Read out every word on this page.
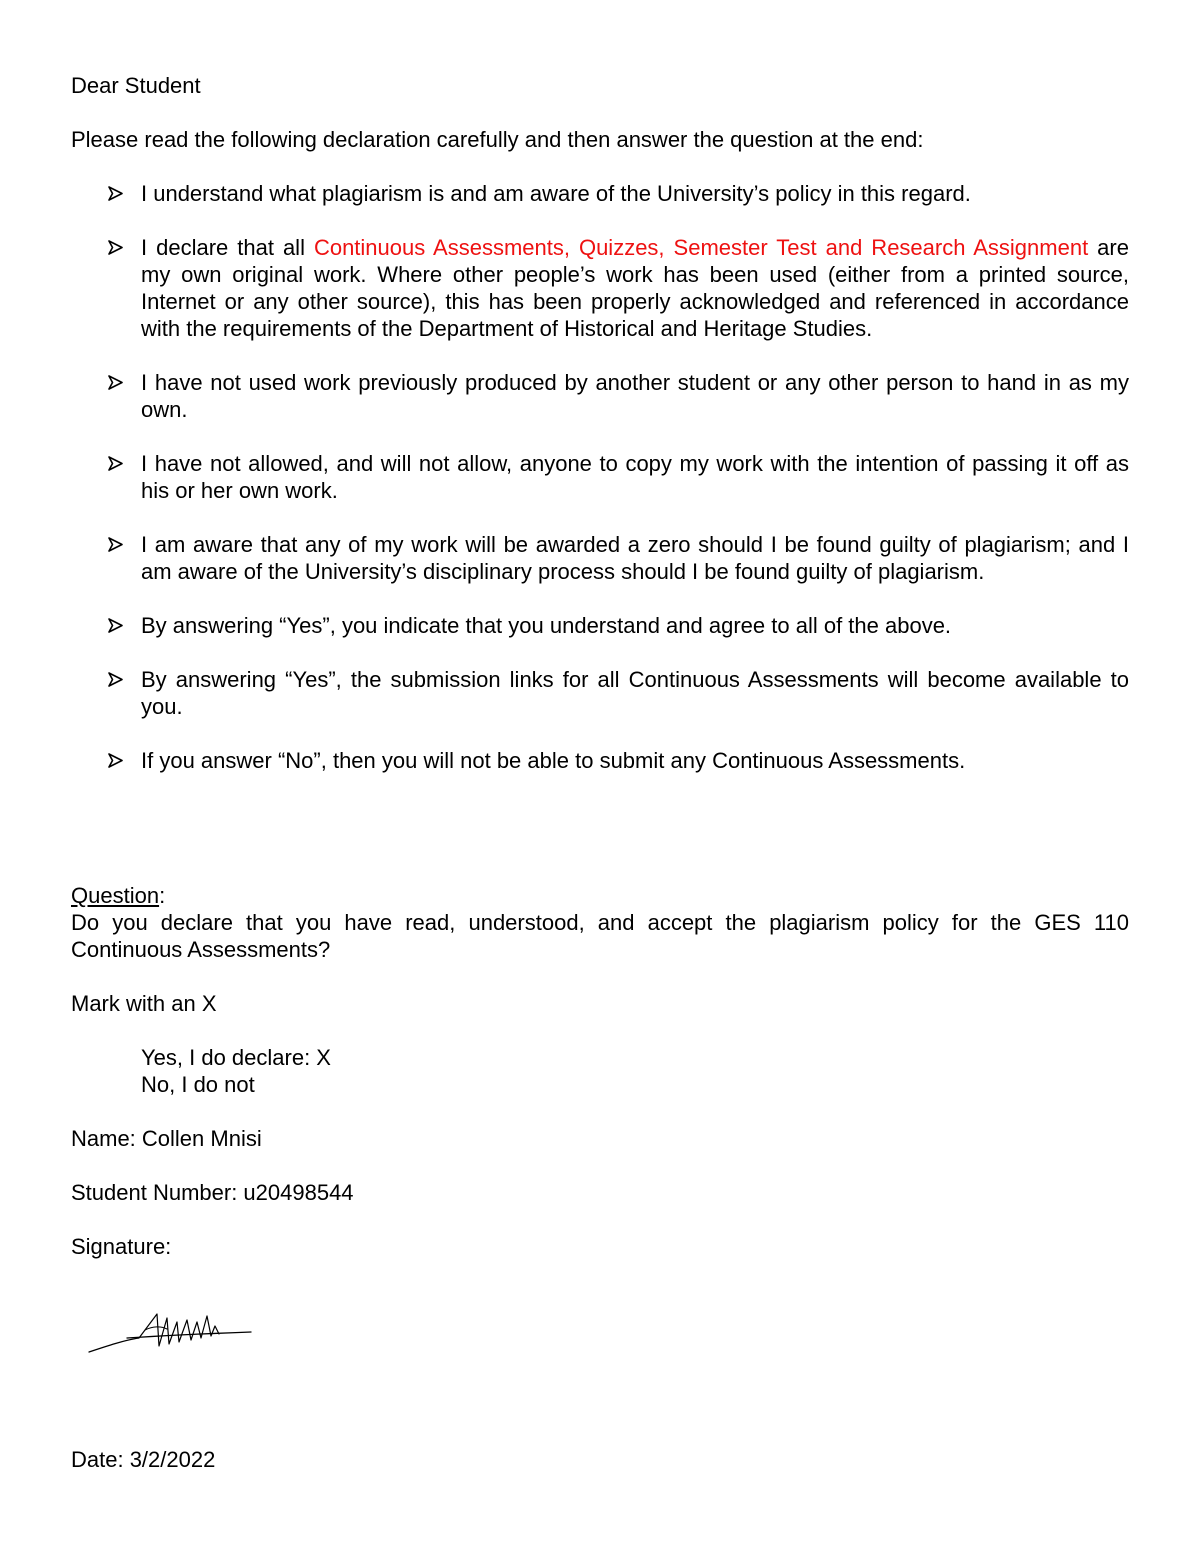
Dear Student
Please read the following declaration carefully and then answer the question at the end:
I understand what plagiarism is and am aware of the University’s policy in this regard.
I declare that all Continuous Assessments, Quizzes, Semester Test and Research Assignment are my own original work. Where other people’s work has been used (either from a printed source, Internet or any other source), this has been properly acknowledged and referenced in accordance with the requirements of the Department of Historical and Heritage Studies.
I have not used work previously produced by another student or any other person to hand in as my own.
I have not allowed, and will not allow, anyone to copy my work with the intention of passing it off as his or her own work.
I am aware that any of my work will be awarded a zero should I be found guilty of plagiarism; and I am aware of the University’s disciplinary process should I be found guilty of plagiarism.
By answering “Yes”, you indicate that you understand and agree to all of the above.
By answering “Yes”, the submission links for all Continuous Assessments will become available to you.
If you answer “No”, then you will not be able to submit any Continuous Assessments.
Question:
Do you declare that you have read, understood, and accept the plagiarism policy for the GES 110 Continuous Assessments?
Mark with an X
Yes, I do declare: X
No, I do not
Name: Collen Mnisi
Student Number: u20498544
Signature:
Date: 3/2/2022
